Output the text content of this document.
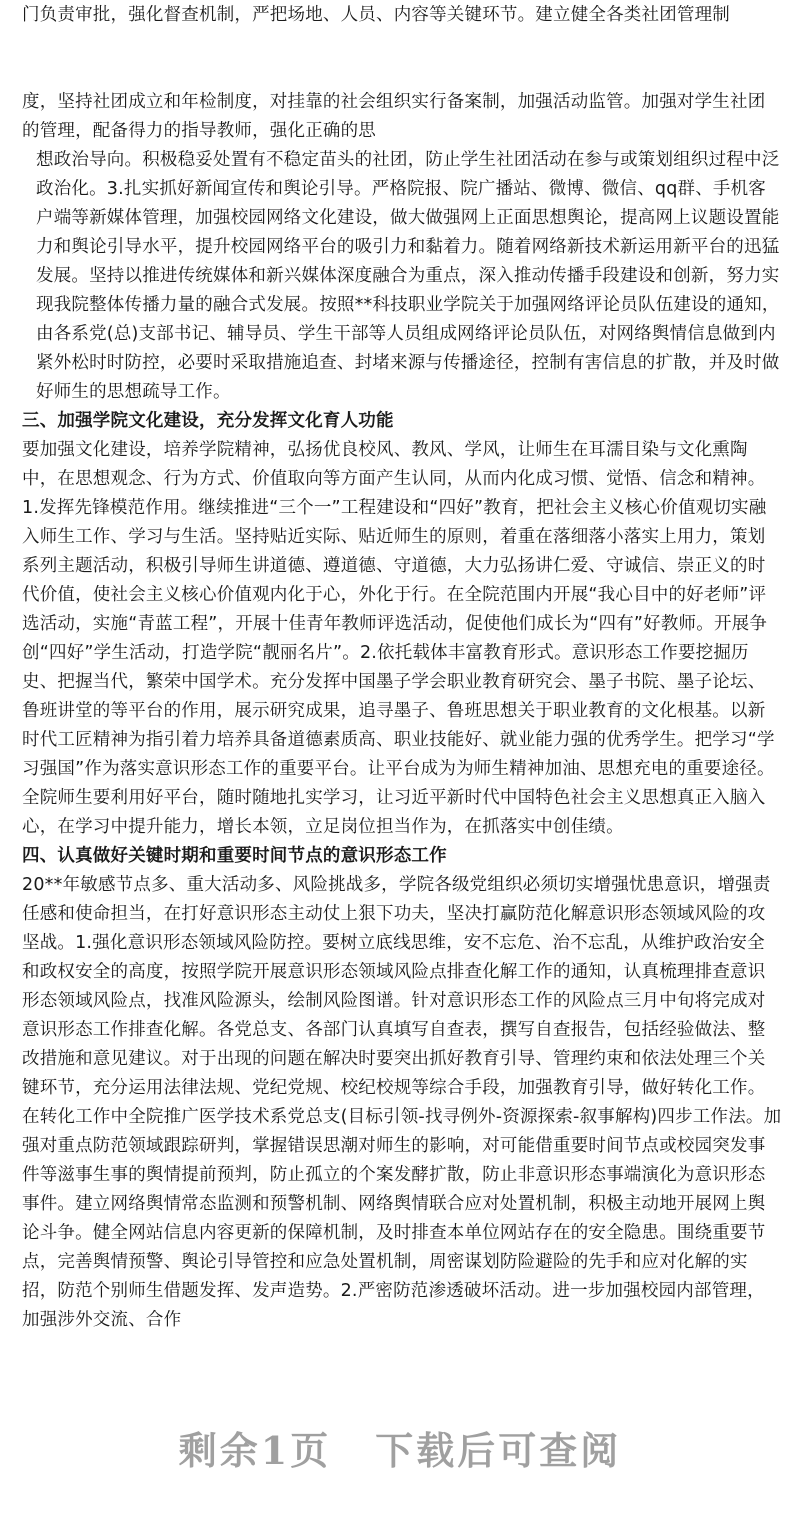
门负责审批，强化督查机制，严把场地、人员、内容等关键环节。建立健全各类社团管理制

度，坚持社团成立和年检制度，对挂靠的社会组织实行备案制，加强活动监管。加强对学生社团的管理，配备得力的指导教师，强化正确的思

想政治导向。积极稳妥处置有不稳定苗头的社团，防止学生社团活动在参与或策划组织过程中泛政治化。3.扎实抓好新闻宣传和舆论引导。严格院报、院广播站、微博、微信、qq群、手机客户端等新媒体管理，加强校园网络文化建设，做大做强网上正面思想舆论，提高网上议题设置能力和舆论引导水平，提升校园网络平台的吸引力和黏着力。随着网络新技术新运用新平台的迅猛发展。坚持以推进传统媒体和新兴媒体深度融合为重点，深入推动传播手段建设和创新，努力实现我院整体传播力量的融合式发展。按照**科技职业学院关于加强网络评论员队伍建设的通知，由各系党(总)支部书记、辅导员、学生干部等人员组成网络评论员队伍，对网络舆情信息做到内紧外松时时防控，必要时采取措施追查、封堵来源与传播途径，控制有害信息的扩散，并及时做好师生的思想疏导工作。

三、加强学院文化建设，充分发挥文化育人功能

要加强文化建设，培养学院精神，弘扬优良校风、教风、学风，让师生在耳濡目染与文化熏陶中，在思想观念、行为方式、价值取向等方面产生认同，从而内化成习惯、觉悟、信念和精神。1.发挥先锋模范作用。继续推进“三个一”工程建设和“四好”教育，把社会主义核心价值观切实融入师生工作、学习与生活。坚持贴近实际、贴近师生的原则，着重在落细落小落实上用力，策划系列主题活动，积极引导师生讲道德、遵道德、守道德，大力弘扬讲仁爱、守诚信、崇正义的时代价值，使社会主义核心价值观内化于心，外化于行。在全院范围内开展“我心目中的好老师”评选活动，实施“青蓝工程”，开展十佳青年教师评选活动，促使他们成长为“四有”好教师。开展争创“四好”学生活动，打造学院“靓丽名片”。2.依托载体丰富教育形式。意识形态工作要挖掘历史、把握当代，繁荣中国学术。充分发挥中国墨子学会职业教育研究会、墨子书院、墨子论坛、鲁班讲堂的等平台的作用，展示研究成果，追寻墨子、鲁班思想关于职业教育的文化根基。以新时代工匠精神为指引着力培养具备道德素质高、职业技能好、就业能力强的优秀学生。把学习“学习强国”作为落实意识形态工作的重要平台。让平台成为为师生精神加油、思想充电的重要途径。全院师生要利用好平台，随时随地扎实学习，让习近平新时代中国特色社会主义思想真正入脑入心，在学习中提升能力，增长本领，立足岗位担当作为，在抓落实中创佳绩。

四、认真做好关键时期和重要时间节点的意识形态工作

20**年敏感节点多、重大活动多、风险挑战多，学院各级党组织必须切实增强忧患意识，增强责任感和使命担当，在打好意识形态主动仗上狠下功夫，坚决打赢防范化解意识形态领域风险的攻坚战。1.强化意识形态领域风险防控。要树立底线思维，安不忘危、治不忘乱，从维护政治安全和政权安全的高度，按照学院开展意识形态领域风险点排查化解工作的通知，认真梳理排查意识形态领域风险点，找准风险源头，绘制风险图谱。针对意识形态工作的风险点三月中旬将完成对意识形态工作排查化解。各党总支、各部门认真填写自查表，撰写自查报告，包括经验做法、整改措施和意见建议。对于出现的问题在解决时要突出抓好教育引导、管理约束和依法处理三个关键环节，充分运用法律法规、党纪党规、校纪校规等综合手段，加强教育引导，做好转化工作。在转化工作中全院推广医学技术系党总支(目标引领-找寻例外-资源探索-叙事解构)四步工作法。加强对重点防范领域跟踪研判，掌握错误思潮对师生的影响，对可能借重要时间节点或校园突发事件等滋事生事的舆情提前预判，防止孤立的个案发酵扩散，防止非意识形态事端演化为意识形态事件。建立网络舆情常态监测和预警机制、网络舆情联合应对处置机制，积极主动地开展网上舆论斗争。健全网站信息内容更新的保障机制，及时排查本单位网站存在的安全隐患。围绕重要节点，完善舆情预警、舆论引导管控和应急处置机制，周密谋划防险避险的先手和应对化解的实招，防范个别师生借题发挥、发声造势。2.严密防范渗透破坏活动。进一步加强校园内部管理，加强涉外交流、合作

剩余1页 下载后可查阅
